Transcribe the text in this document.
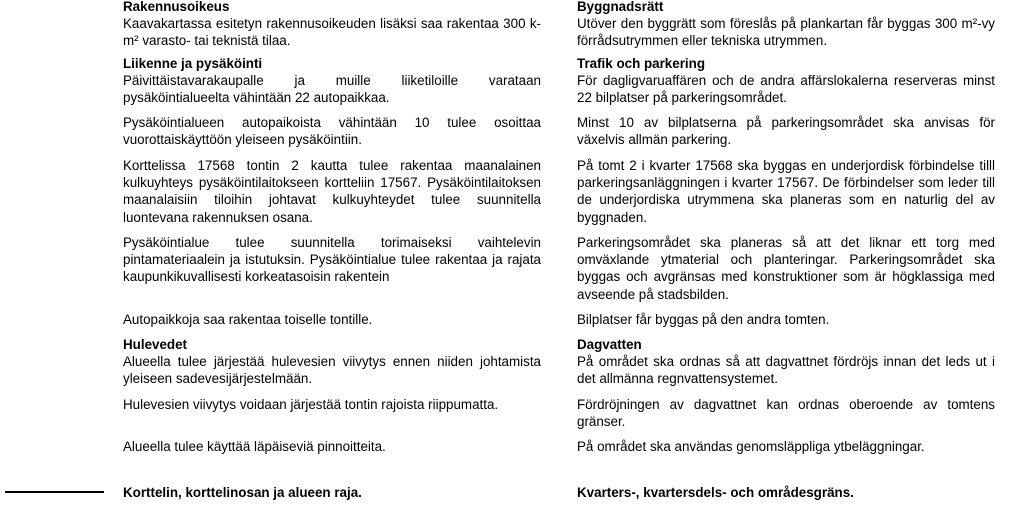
Rakennusoikeus
Kaavakartassa esitetyn rakennusoikeuden lisäksi saa rakentaa 300 k-m² varasto- tai teknistä tilaa.
Liikenne ja pysäköinti
Päivittäistavarakaupalle ja muille liiketiloille varataan pysäköintialueelta vähintään 22 autopaikkaa.
Pysäköintialueen autopaikoista vähintään 10 tulee osoittaa vuorottaiskäyttöön yleiseen pysäköintiin.
Korttelissa 17568 tontin 2 kautta tulee rakentaa maanalainen kulkuyhteys pysäköintilaitokseen kortteliin 17567. Pysäköintilaitoksen maanalaisiin tiloihin johtavat kulkuyhteydet tulee suunnitella luontevana rakennuksen osana.
Pysäköintialue tulee suunnitella torimaiseksi vaihtelevin pintamateriaalein ja istutuksin. Pysäköintialue tulee rakentaa ja rajata kaupunkikuvallisesti korkeatasoisin rakentein
Autopaikkoja saa rakentaa toiselle tontille.
Hulevedet
Alueella tulee järjestää hulevesien viivytys ennen niiden johtamista yleiseen sadevesijärjestelmään.
Hulevesien viivytys voidaan järjestää tontin rajoista riippumatta.
Alueella tulee käyttää läpäiseviä pinnoitteita.
Korttelin, korttelinosan ja alueen raja.
Byggnadsrätt
Utöver den byggrätt som föreslås på plankartan får byggas 300 m²-vy förrådsutrymmen eller tekniska utrymmen.
Trafik och parkering
För dagligvaruaffären och de andra affärslokalerna reserveras minst 22 bilplatser på parkeringsområdet.
Minst 10 av bilplatserna på parkeringsområdet ska anvisas för växelvis allmän parkering.
På tomt 2 i kvarter 17568 ska byggas en underjordisk förbindelse tilll parkeringsanläggningen i kvarter 17567. De förbindelser som leder till de underjordiska utrymmena ska planeras som en naturlig del av byggnaden.
Parkeringsområdet ska planeras så att det liknar ett torg med omväxlande ytmaterial och planteringar. Parkeringsområdet ska byggas och avgränsas med konstruktioner som är högklassiga med avseende på stadsbilden.
Bilplatser får byggas på den andra tomten.
Dagvatten
På området ska ordnas så att dagvattnet fördröjs innan det leds ut i det allmänna regnvattensystemet.
Fördröjningen av dagvattnet kan ordnas oberoende av tomtens gränser.
På området ska användas genomsläppliga ytbeläggningar.
Kvarters-, kvartersdels- och områdesgräns.
